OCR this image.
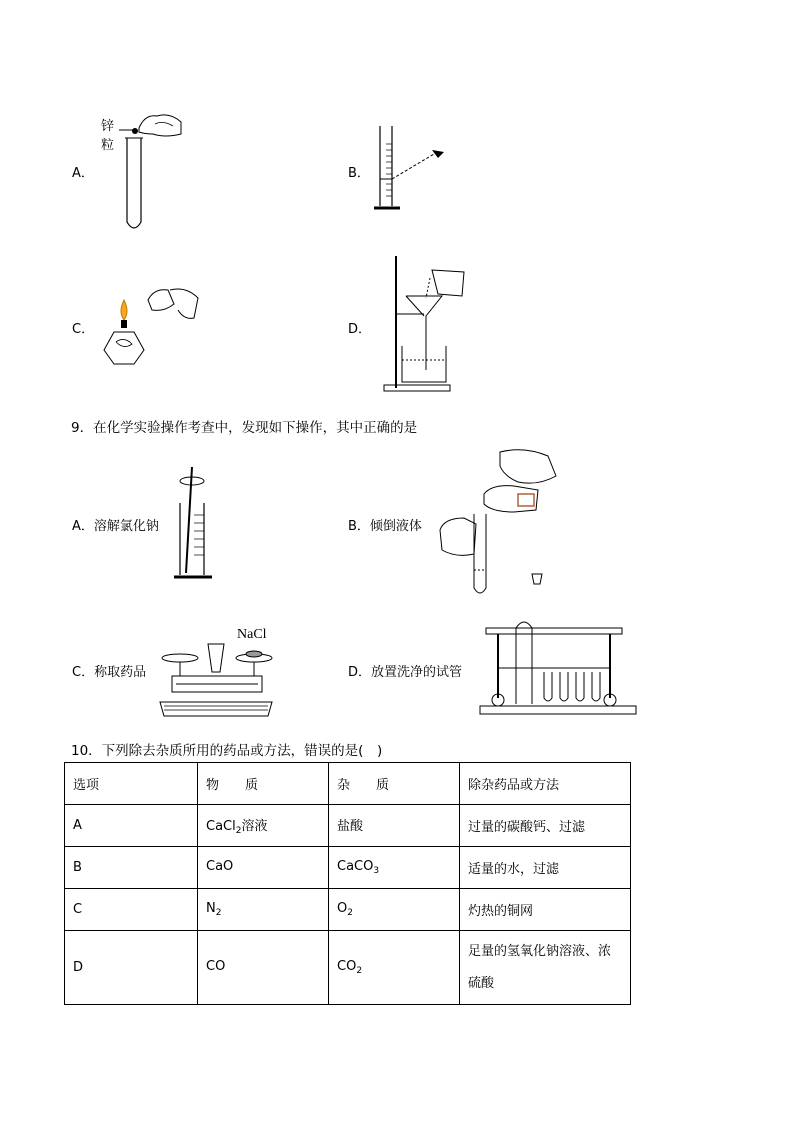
A．
锌
粒
B．
C．	D．
9．在化学实验操作考查中，发现如下操作，其中正确的是
A．溶解氯化钠	B．倾倒液体
C．称取药品
NaCl
D．放置洗净的试管
10．下列除去杂质所用的药品或方法，错误的是(　)
选项	物　　质	杂　　质	除杂药品或方法
A	CaCl$_2$溶液	盐酸	过量的碳酸钙、过滤
B	CaO	CaCO$_3$	适量的水，过滤
C	$N_2$	$O_2$	灼热的铜网
D	CO	$CO_2$	足量的氢氧化钠溶液、浓
硫酸
